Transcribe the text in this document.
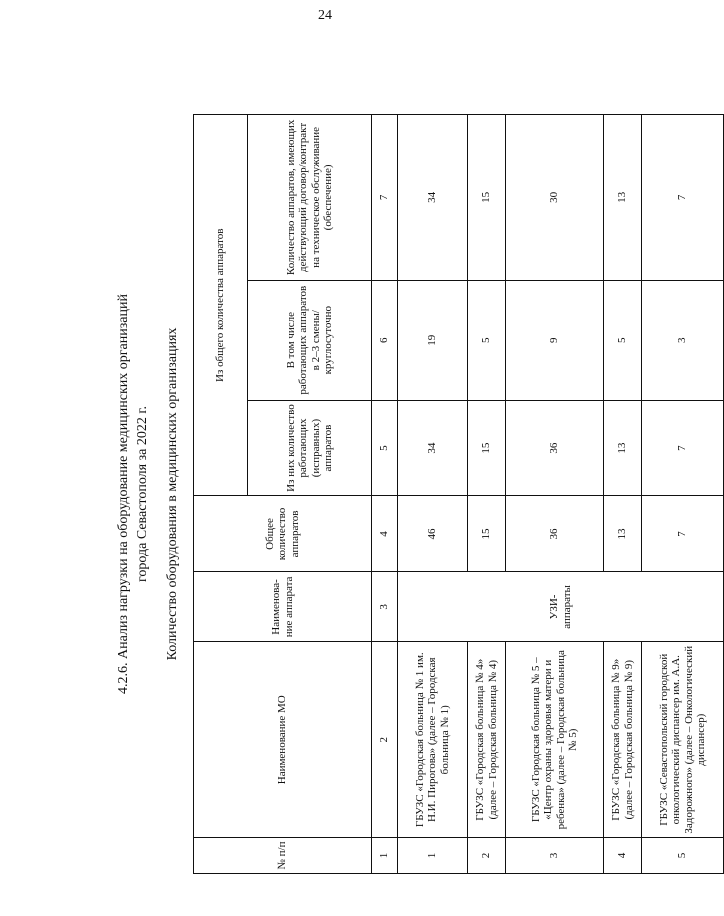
24
4.2.6. Анализ нагрузки на оборудование медицинских организаций города Севастополя за 2022 г. Количество оборудования в медицинских организациях
№ п/п	Наименование МО	Наименова-ние аппарата	Общее количество аппаратов	Из общего количества аппаратов		
				Из них количество работающих (исправных) аппаратов	В том числе работающих аппаратов в 2–3 смены/ круглосуточно	Количество аппаратов, имеющих действующий договор/контракт на техническое обслуживание (обеспечение)
1	2	3	4	5	6	7
1	ГБУЗС «Городская больница № 1 им. Н.И. Пирогова» (далее – Городская больница № 1)	УЗИ-аппараты	46	34	19	34
2	ГБУЗС «Городская больница № 4» (далее – Городская больница № 4)		15	15	5	15
3	ГБУЗС «Городская больница № 5 – «Центр охраны здоровья матери и ребенка» (далее – Городская больница № 5)		36	36	9	30
4	ГБУЗС «Городская больница № 9» (далее – Городская больница № 9)		13	13	5	13
5	ГБУЗС «Севастопольский городской онкологический диспансер им. А.А. Задорожного» (далее – Онкологический диспансер)		7	7	3	7
